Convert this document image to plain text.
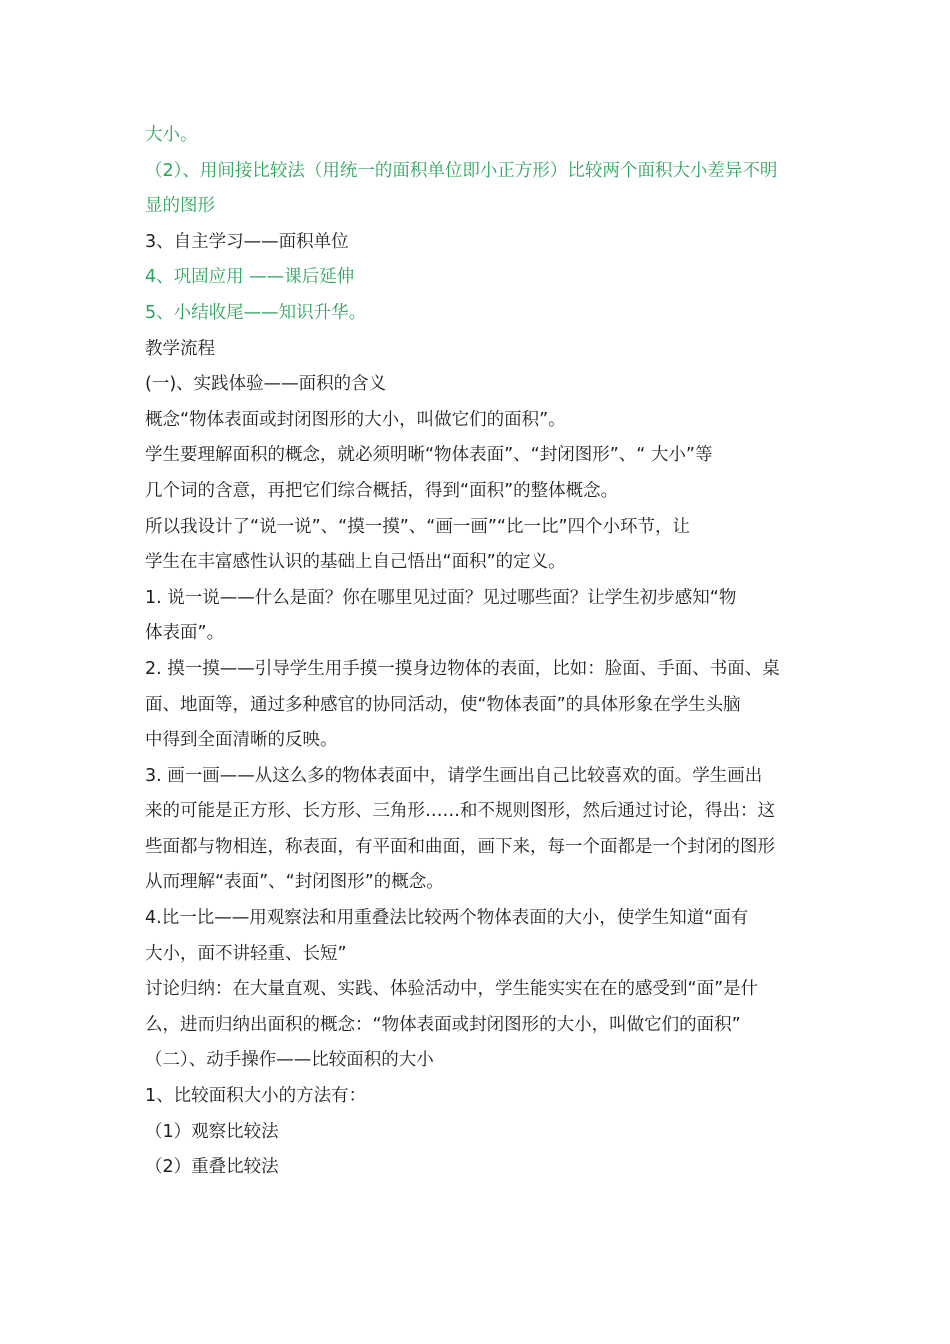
大小。
（2）、用间接比较法（用统一的面积单位即小正方形）比较两个面积大小差异不明
显的图形
3、自主学习——面积单位
4、巩固应用 ——课后延伸
5、小结收尾——知识升华。
教学流程
(一)、实践体验——面积的含义
概念“物体表面或封闭图形的大小，叫做它们的面积”。
学生要理解面积的概念，就必须明晰“物体表面”、“封闭图形”、“ 大小”等
几个词的含意，再把它们综合概括，得到“面积”的整体概念。
所以我设计了“说一说”、“摸一摸”、“画一画”“比一比”四个小环节，让
学生在丰富感性认识的基础上自己悟出“面积”的定义。
1. 说一说——什么是面？你在哪里见过面？见过哪些面？让学生初步感知“物
体表面”。
2. 摸一摸——引导学生用手摸一摸身边物体的表面，比如：脸面、手面、书面、桌
面、地面等，通过多种感官的协同活动，使“物体表面”的具体形象在学生头脑
中得到全面清晰的反映。
3. 画一画——从这么多的物体表面中，请学生画出自己比较喜欢的面。学生画出
来的可能是正方形、长方形、三角形……和不规则图形，然后通过讨论，得出：这
些面都与物相连，称表面，有平面和曲面，画下来，每一个面都是一个封闭的图形
从而理解“表面”、“封闭图形”的概念。
4.比一比——用观察法和用重叠法比较两个物体表面的大小，使学生知道“面有
大小，面不讲轻重、长短”
讨论归纳：在大量直观、实践、体验活动中，学生能实实在在的感受到“面”是什
么，进而归纳出面积的概念：“物体表面或封闭图形的大小，叫做它们的面积”
（二）、动手操作——比较面积的大小
1、比较面积大小的方法有：
（1）观察比较法
（2）重叠比较法
